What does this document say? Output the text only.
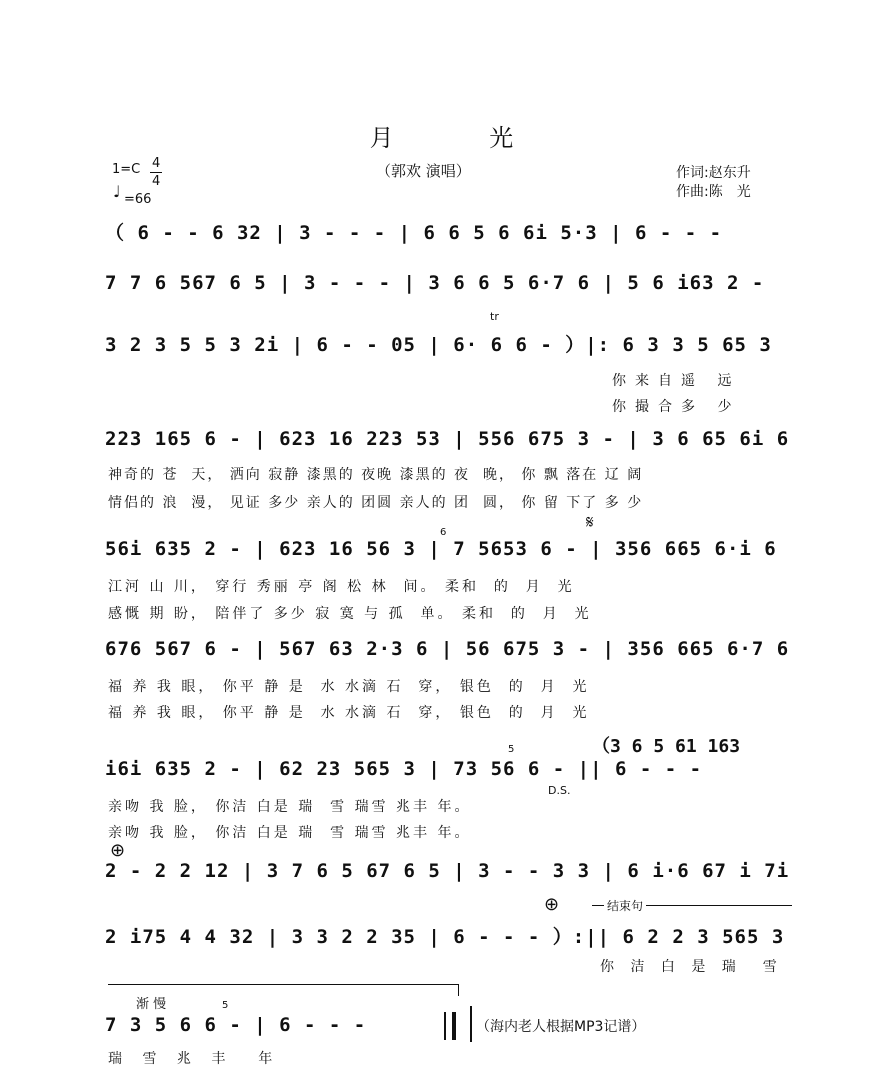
月 光
（郭欢 演唱）	作词:赵东升
作曲:陈　光
1=C 4
4
♩ =66
（ 6 - - 6 32 | 3 - - - | 6 6 5 6 6i 5·3 | 6 - - -
7 7 6 567 6 5 | 3 - - - | 3 6 6 5 6·7 6 | 5 6 i63 2 -
3 2 3 5 5 3 2i | 6 - - 05 | 6· 6 6 - ）|: 6 3 3 5 65 3
tr
你来自遥 远
你撮合多 少
223 165 6 - | 623 16 223 53 | 556 675 3 - | 3 6 65 6i 6
神奇的 苍  天， 洒向 寂静 漆黑的 夜晚 漆黑的 夜  晚， 你 飘 落在 辽 阔
情侣的 浪  漫， 见证 多少 亲人的 团圆 亲人的 团  圆， 你 留 下了 多 少
56i 635 2 - | 623 16 56 3 | 7 5653 6 - | 356 665 6·i 6
6	𝄋
江河 山 川， 穿行 秀丽 亭 阁 松 林  间。 柔和  的  月  光
感慨 期 盼， 陪伴了 多少 寂 寞 与 孤  单。 柔和  的  月  光
676 567 6 - | 567 63 2·3 6 | 56 675 3 - | 356 665 6·7 6
福 养 我 眼， 你平 静 是  水 水滴 石  穿， 银色  的  月  光
福 养 我 眼， 你平 静 是  水 水滴 石  穿， 银色  的  月  光
i6i 635 2 - | 62 23 565 3 | 73 56 6 - || 6 - - -
（3 6 5 61 163
5
D.S.
亲吻 我 脸， 你洁 白是 瑞  雪 瑞雪 兆丰 年。
亲吻 我 脸， 你洁 白是 瑞  雪 瑞雪 兆丰 年。
⊕
2 - 2 2 12 | 3 7 6 5 67 6 5 | 3 - - 3 3 | 6 i·6 67 i 7i
⊕	结束句
2 i75 4 4 32 | 3 3 2 2 35 | 6 - - - ）:|| 6 2 2 3 565 3
你 洁 白 是 瑞  雪
渐 慢	5
7 3 5 6 6 - | 6 - - -	（海内老人根据MP3记谱）
瑞 雪 兆 丰  年
